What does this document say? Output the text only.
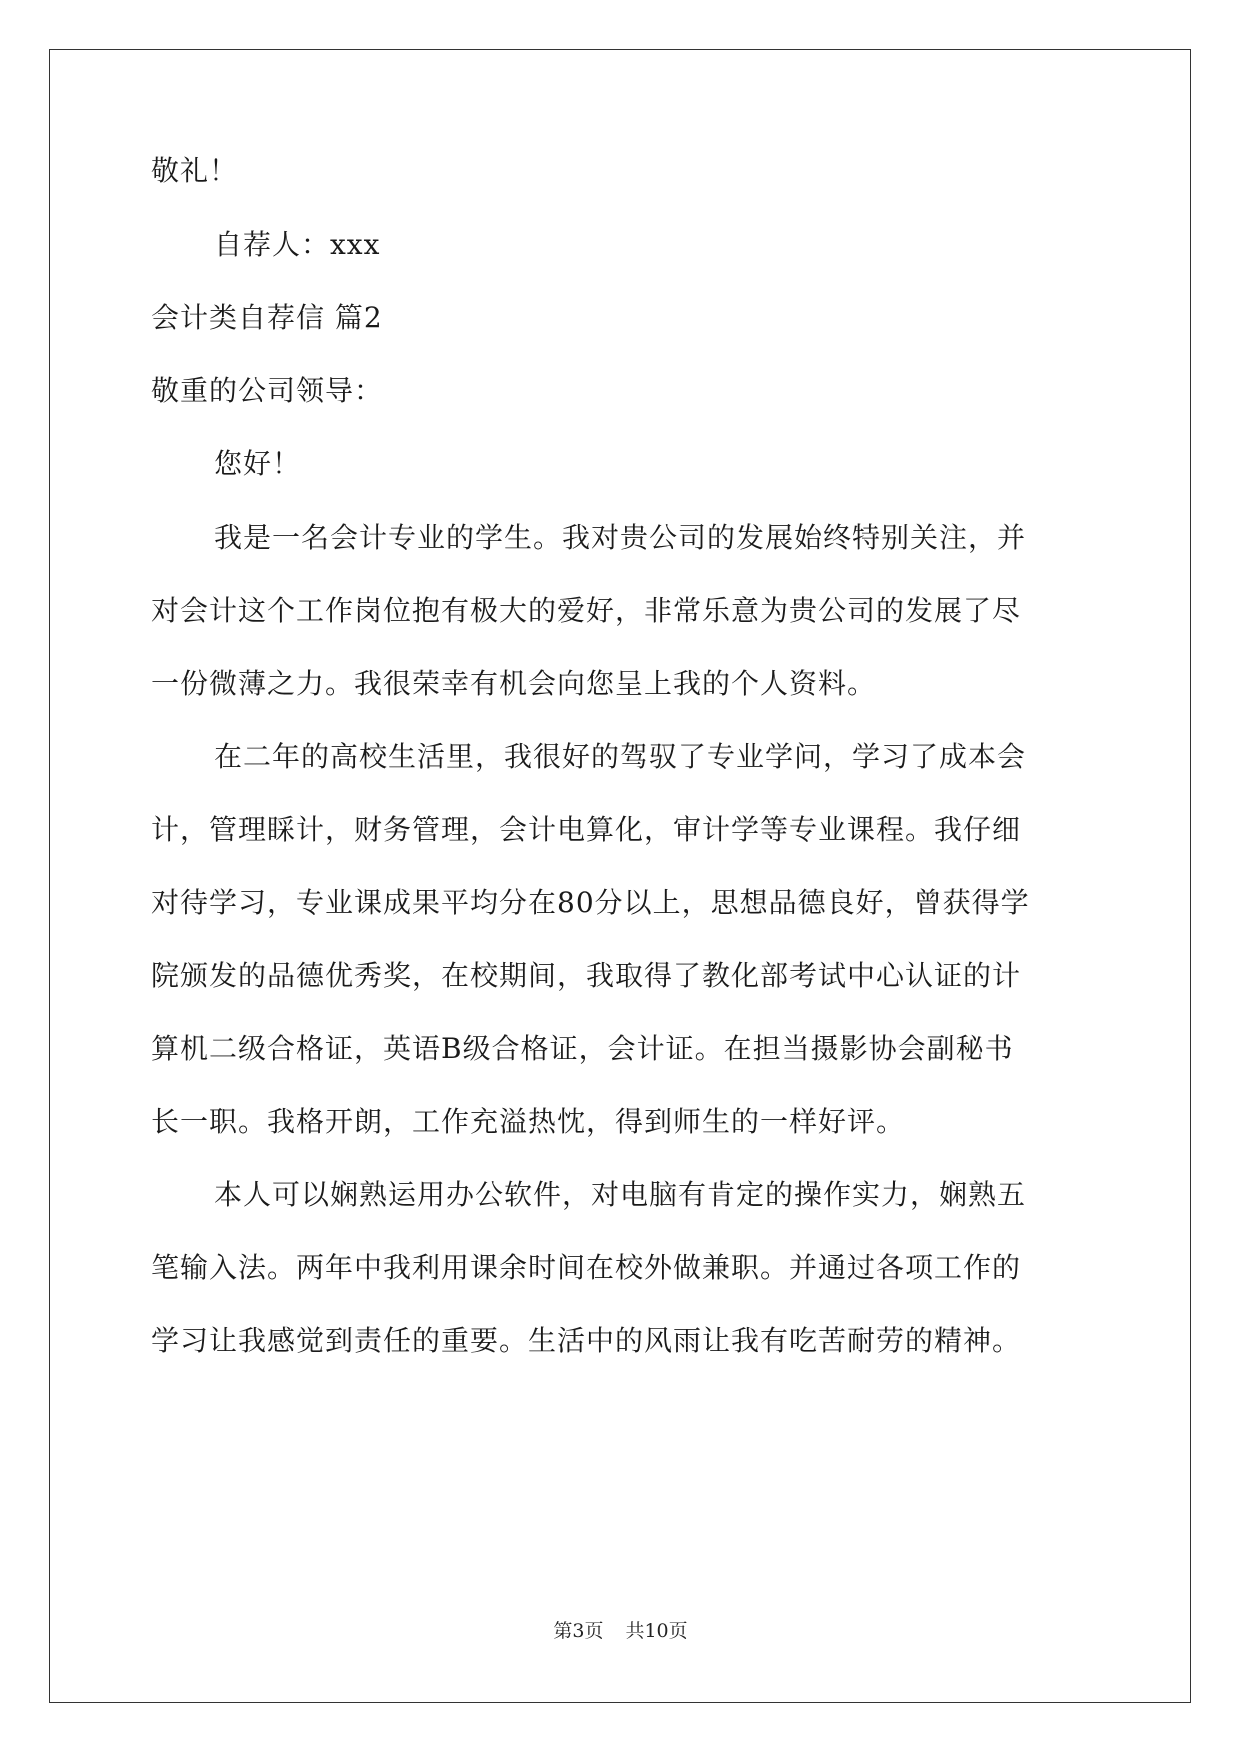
敬礼！
自荐人：xxx
会计类自荐信 篇2
敬重的公司领导：
您好！
我是一名会计专业的学生。我对贵公司的发展始终特别关注，并
对会计这个工作岗位抱有极大的爱好，非常乐意为贵公司的发展了尽
一份微薄之力。我很荣幸有机会向您呈上我的个人资料。
在二年的高校生活里，我很好的驾驭了专业学问，学习了成本会
计，管理睬计，财务管理，会计电算化，审计学等专业课程。我仔细
对待学习，专业课成果平均分在80分以上，思想品德良好，曾获得学
院颁发的品德优秀奖，在校期间，我取得了教化部考试中心认证的计
算机二级合格证，英语B级合格证，会计证。在担当摄影协会副秘书
长一职。我格开朗，工作充溢热忱，得到师生的一样好评。
本人可以娴熟运用办公软件，对电脑有肯定的操作实力，娴熟五
笔输入法。两年中我利用课余时间在校外做兼职。并通过各项工作的
学习让我感觉到责任的重要。生活中的风雨让我有吃苦耐劳的精神。
第3页 共10页
